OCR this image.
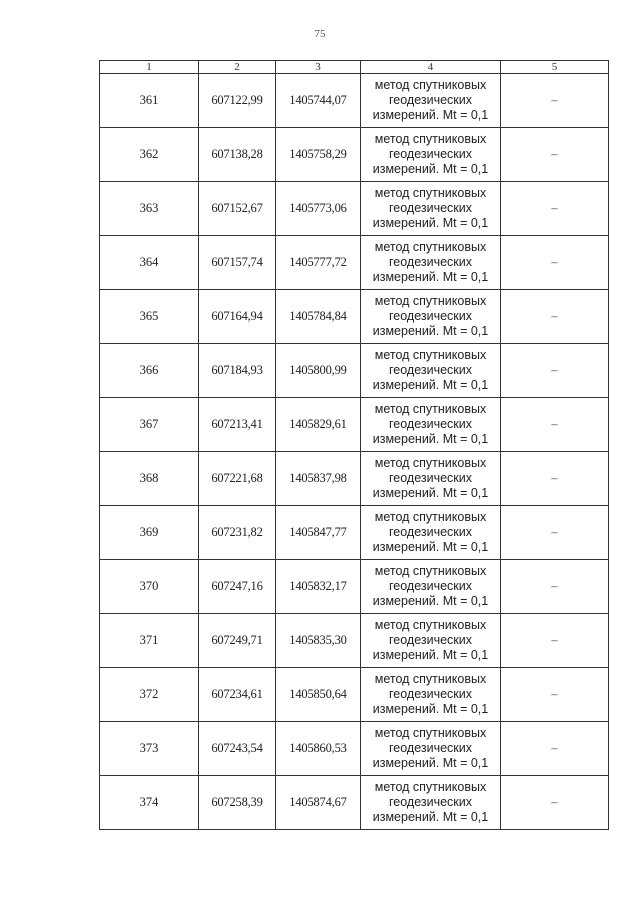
75
1	2	3	4	5
361	607122,99	1405744,07	метод спутниковых
геодезических
измерений. Mt = 0,1	–
362	607138,28	1405758,29	метод спутниковых
геодезических
измерений. Mt = 0,1	–
363	607152,67	1405773,06	метод спутниковых
геодезических
измерений. Mt = 0,1	–
364	607157,74	1405777,72	метод спутниковых
геодезических
измерений. Mt = 0,1	–
365	607164,94	1405784,84	метод спутниковых
геодезических
измерений. Mt = 0,1	–
366	607184,93	1405800,99	метод спутниковых
геодезических
измерений. Mt = 0,1	–
367	607213,41	1405829,61	метод спутниковых
геодезических
измерений. Mt = 0,1	–
368	607221,68	1405837,98	метод спутниковых
геодезических
измерений. Mt = 0,1	–
369	607231,82	1405847,77	метод спутниковых
геодезических
измерений. Mt = 0,1	–
370	607247,16	1405832,17	метод спутниковых
геодезических
измерений. Mt = 0,1	–
371	607249,71	1405835,30	метод спутниковых
геодезических
измерений. Mt = 0,1	–
372	607234,61	1405850,64	метод спутниковых
геодезических
измерений. Mt = 0,1	–
373	607243,54	1405860,53	метод спутниковых
геодезических
измерений. Mt = 0,1	–
374	607258,39	1405874,67	метод спутниковых
геодезических
измерений. Mt = 0,1	–
